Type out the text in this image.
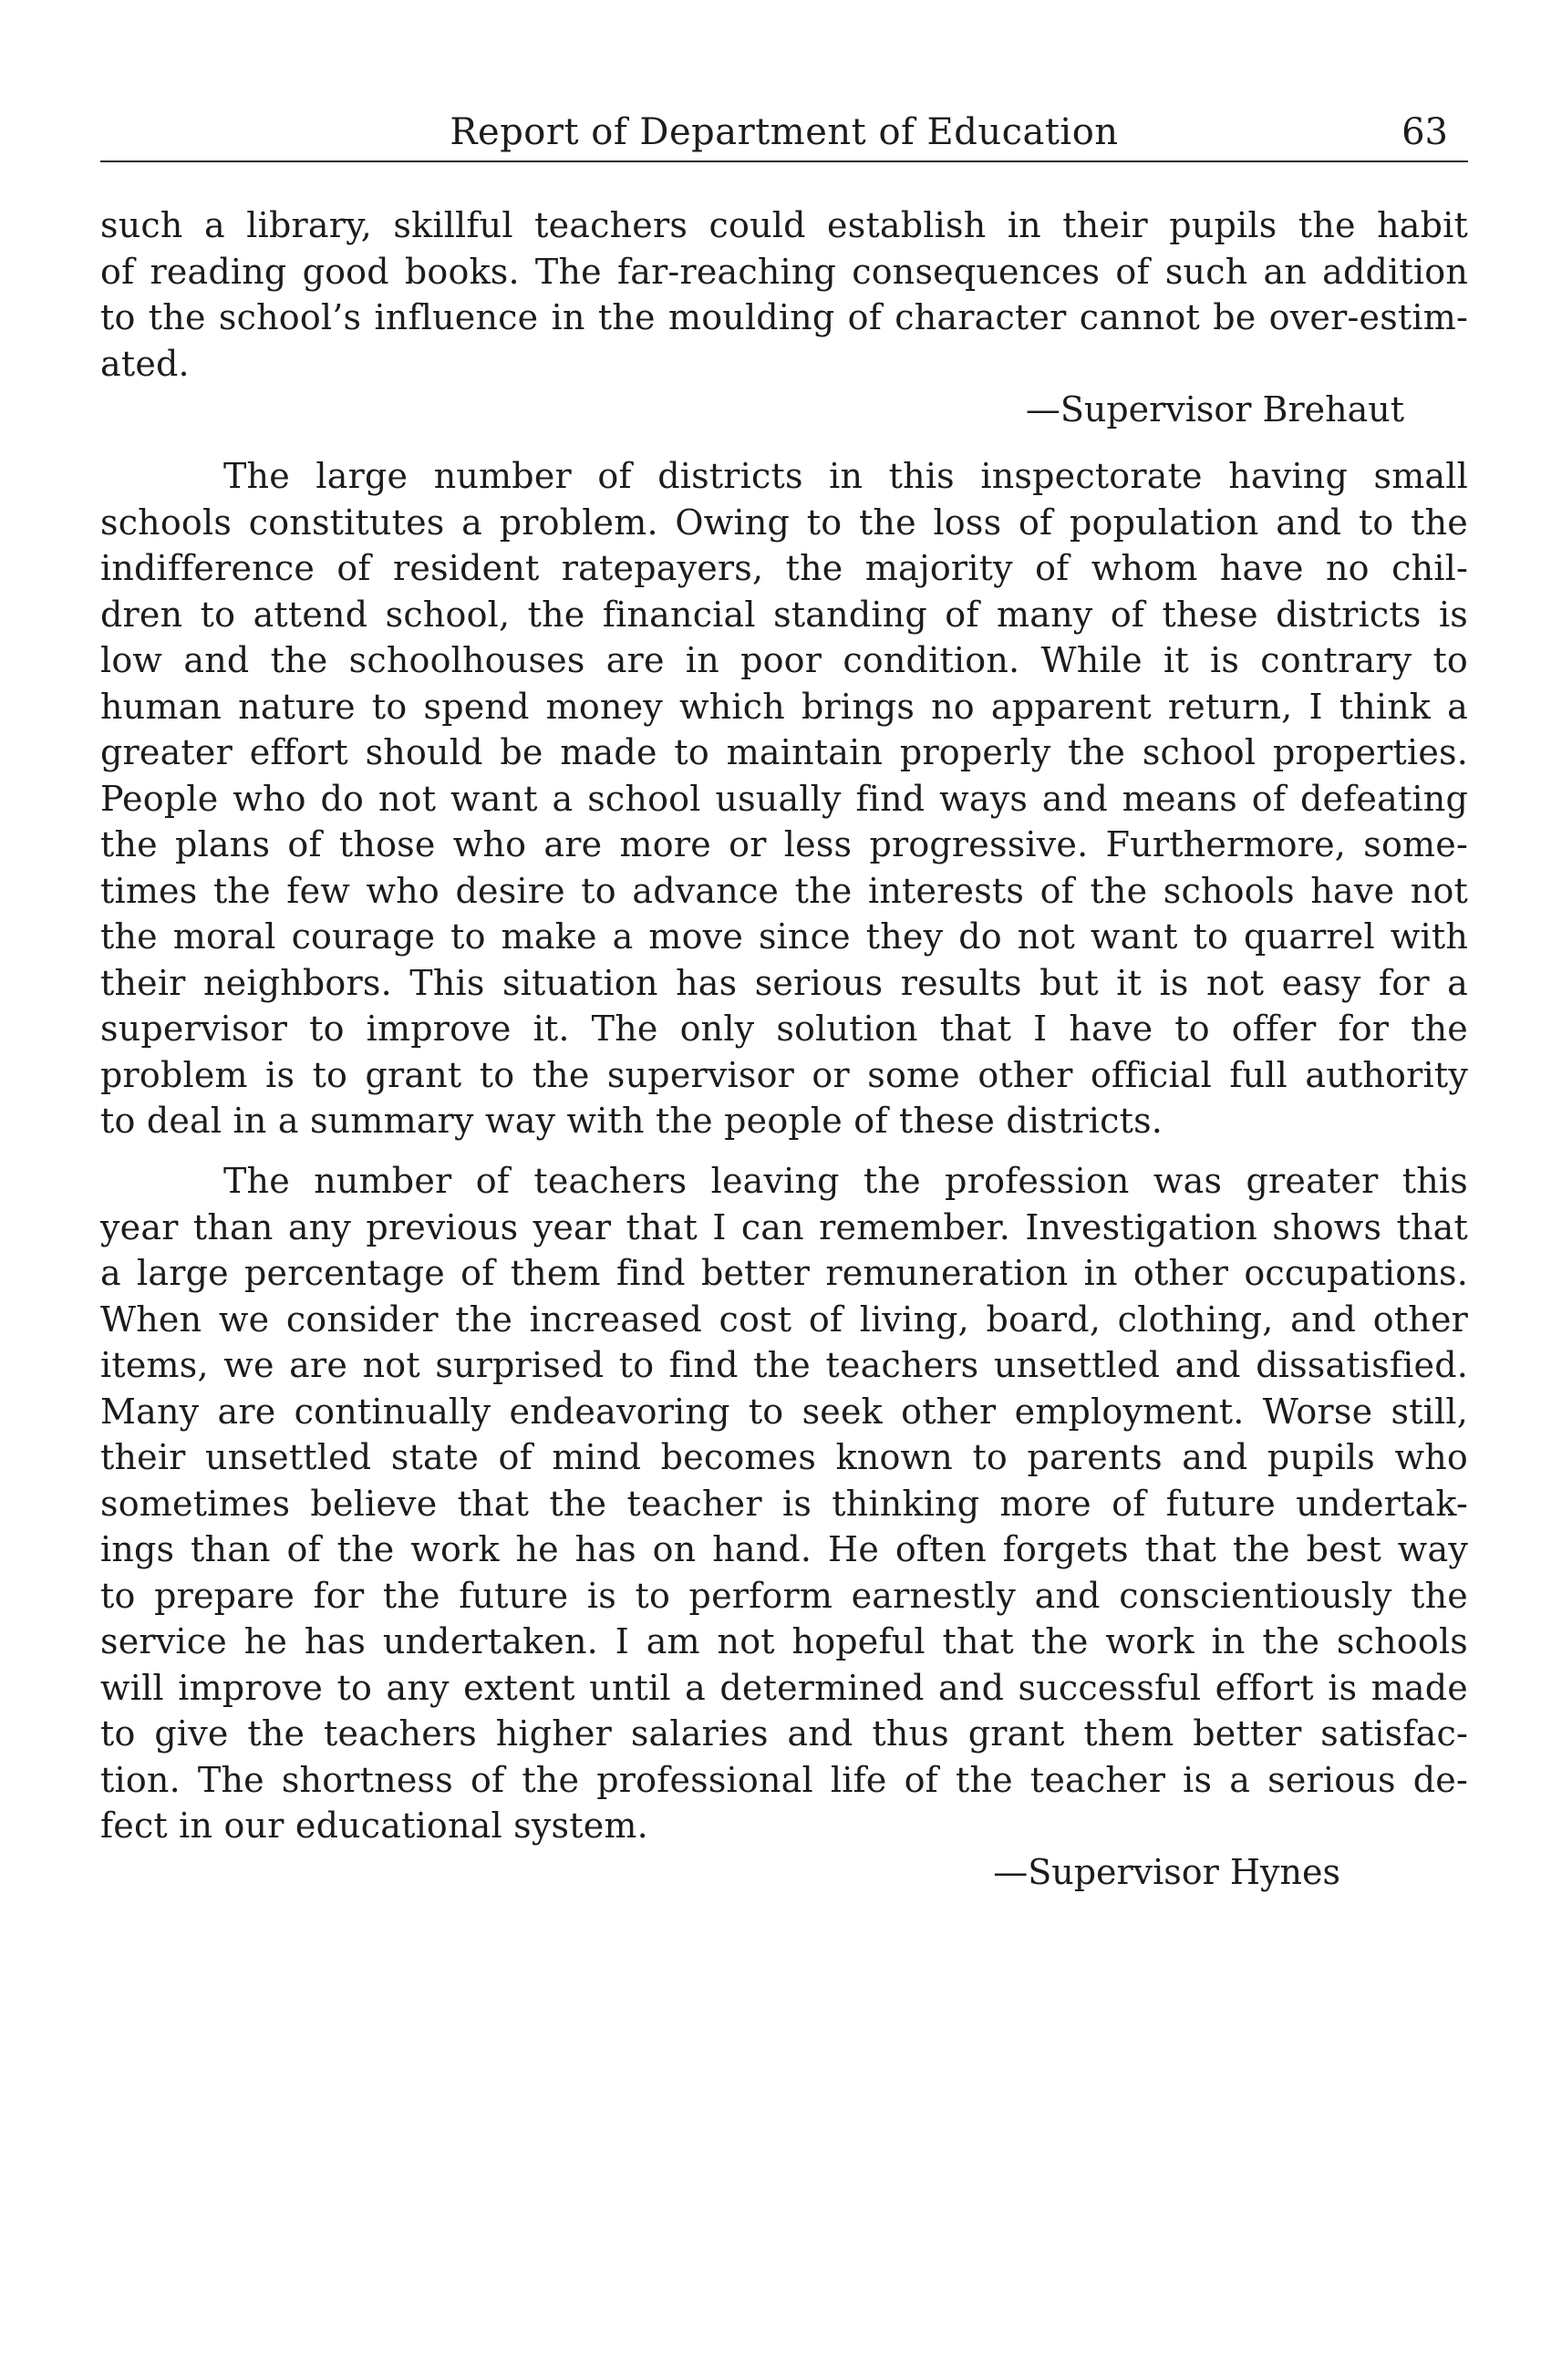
Report of Department of Education	63
such a library, skillful teachers could establish in their pupils the habit
of reading good books. The far-reaching consequences of such an addition
to the school’s influence in the moulding of character cannot be over-estim-
ated.
—Supervisor Brehaut
The large number of districts in this inspectorate having small
schools constitutes a problem. Owing to the loss of population and to the
indifference of resident ratepayers, the majority of whom have no chil-
dren to attend school, the financial standing of many of these districts is
low and the schoolhouses are in poor condition. While it is contrary to
human nature to spend money which brings no apparent return, I think a
greater effort should be made to maintain properly the school properties.
People who do not want a school usually find ways and means of defeating
the plans of those who are more or less progressive. Furthermore, some-
times the few who desire to advance the interests of the schools have not
the moral courage to make a move since they do not want to quarrel with
their neighbors. This situation has serious results but it is not easy for a
supervisor to improve it. The only solution that I have to offer for the
problem is to grant to the supervisor or some other official full authority
to deal in a summary way with the people of these districts.
The number of teachers leaving the profession was greater this
year than any previous year that I can remember. Investigation shows that
a large percentage of them find better remuneration in other occupations.
When we consider the increased cost of living, board, clothing, and other
items, we are not surprised to find the teachers unsettled and dissatisfied.
Many are continually endeavoring to seek other employment. Worse still,
their unsettled state of mind becomes known to parents and pupils who
sometimes believe that the teacher is thinking more of future undertak-
ings than of the work he has on hand. He often forgets that the best way
to prepare for the future is to perform earnestly and conscientiously the
service he has undertaken. I am not hopeful that the work in the schools
will improve to any extent until a determined and successful effort is made
to give the teachers higher salaries and thus grant them better satisfac-
tion. The shortness of the professional life of the teacher is a serious de-
fect in our educational system.
—Supervisor Hynes
